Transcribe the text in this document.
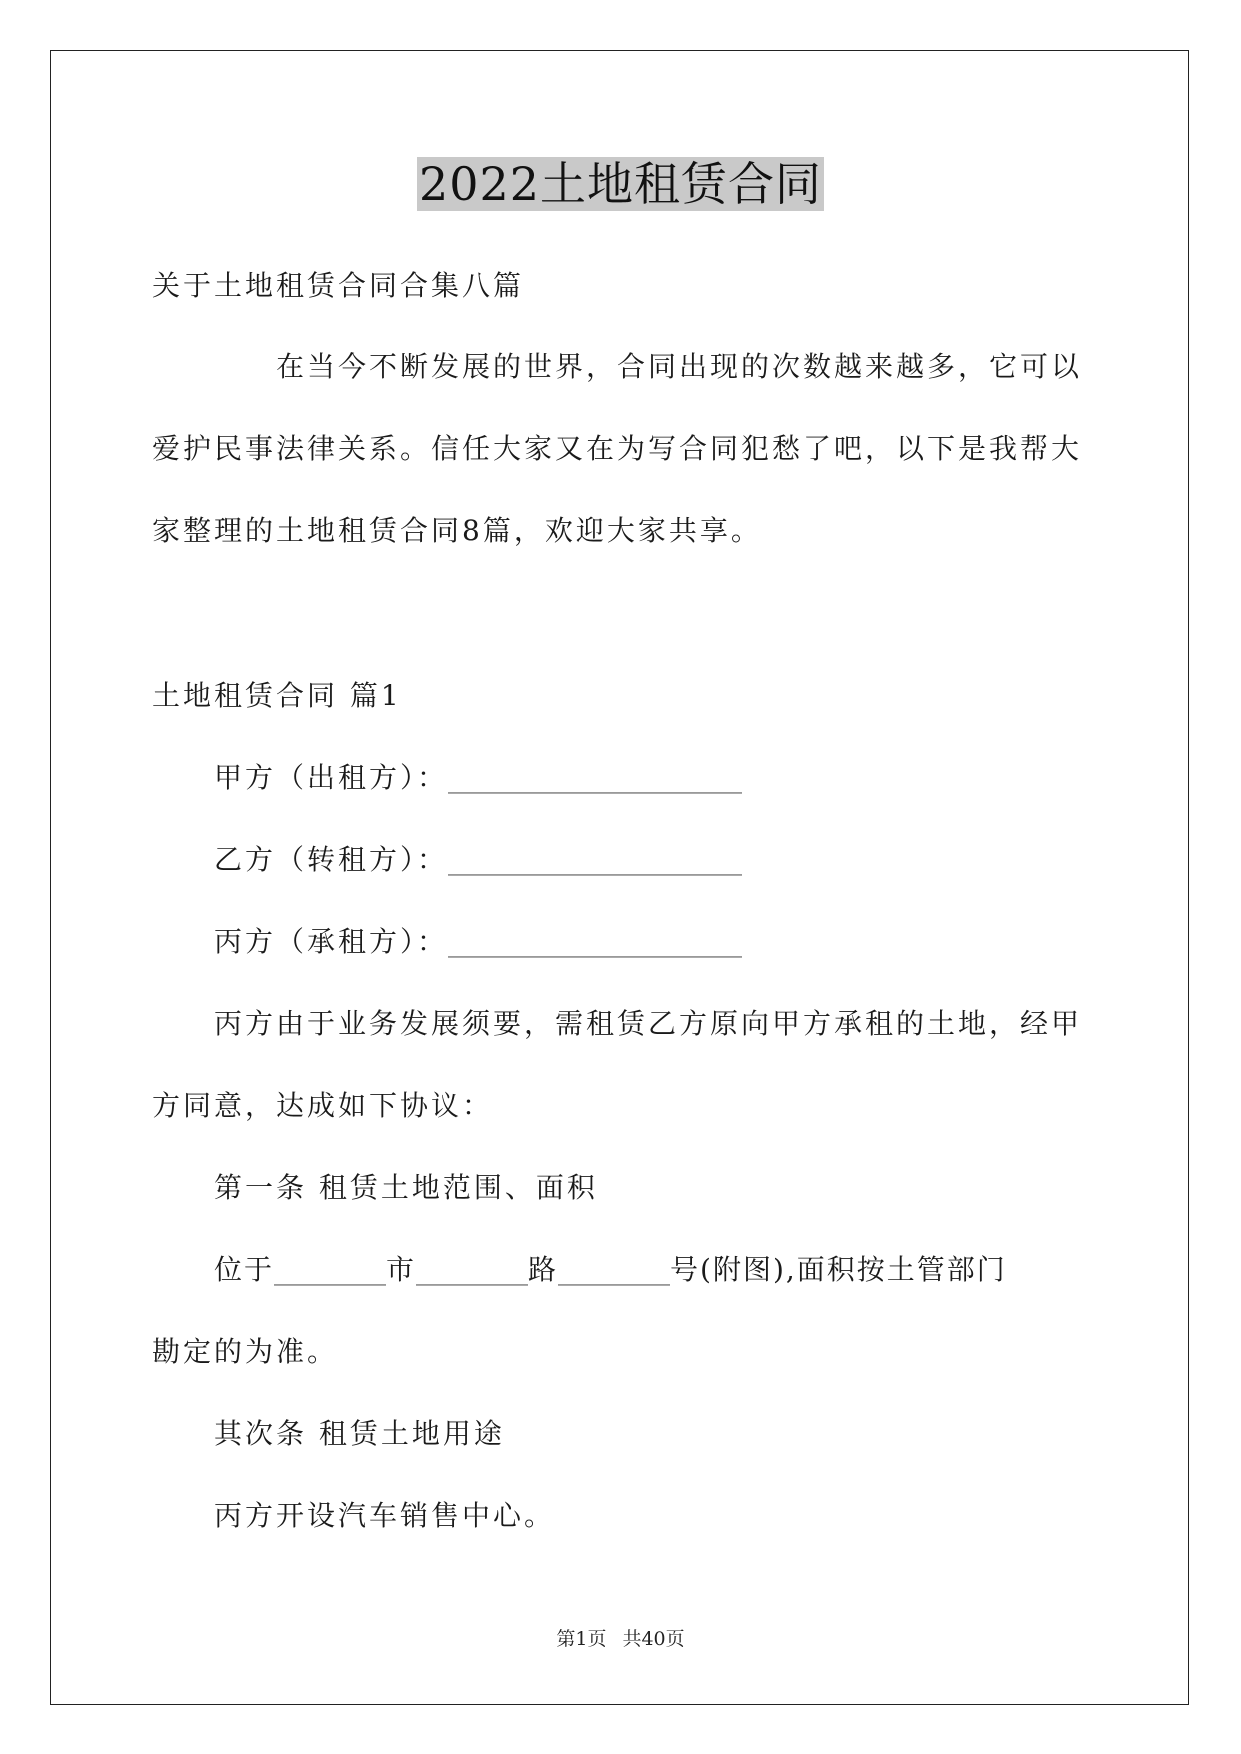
2022土地租赁合同
关于土地租赁合同合集八篇
在当今不断发展的世界，合同出现的次数越来越多，它可以
爱护民事法律关系。信任大家又在为写合同犯愁了吧，以下是我帮大
家整理的土地租赁合同8篇，欢迎大家共享。
土地租赁合同 篇1
甲方（出租方）：_____________________
乙方（转租方）：_____________________
丙方（承租方）：_____________________
丙方由于业务发展须要，需租赁乙方原向甲方承租的土地，经甲
方同意，达成如下协议：
第一条 租赁土地范围、面积
位于________市________路________号(附图),面积按土管部门
勘定的为准。
其次条 租赁土地用途
丙方开设汽车销售中心。
第1页 共40页
